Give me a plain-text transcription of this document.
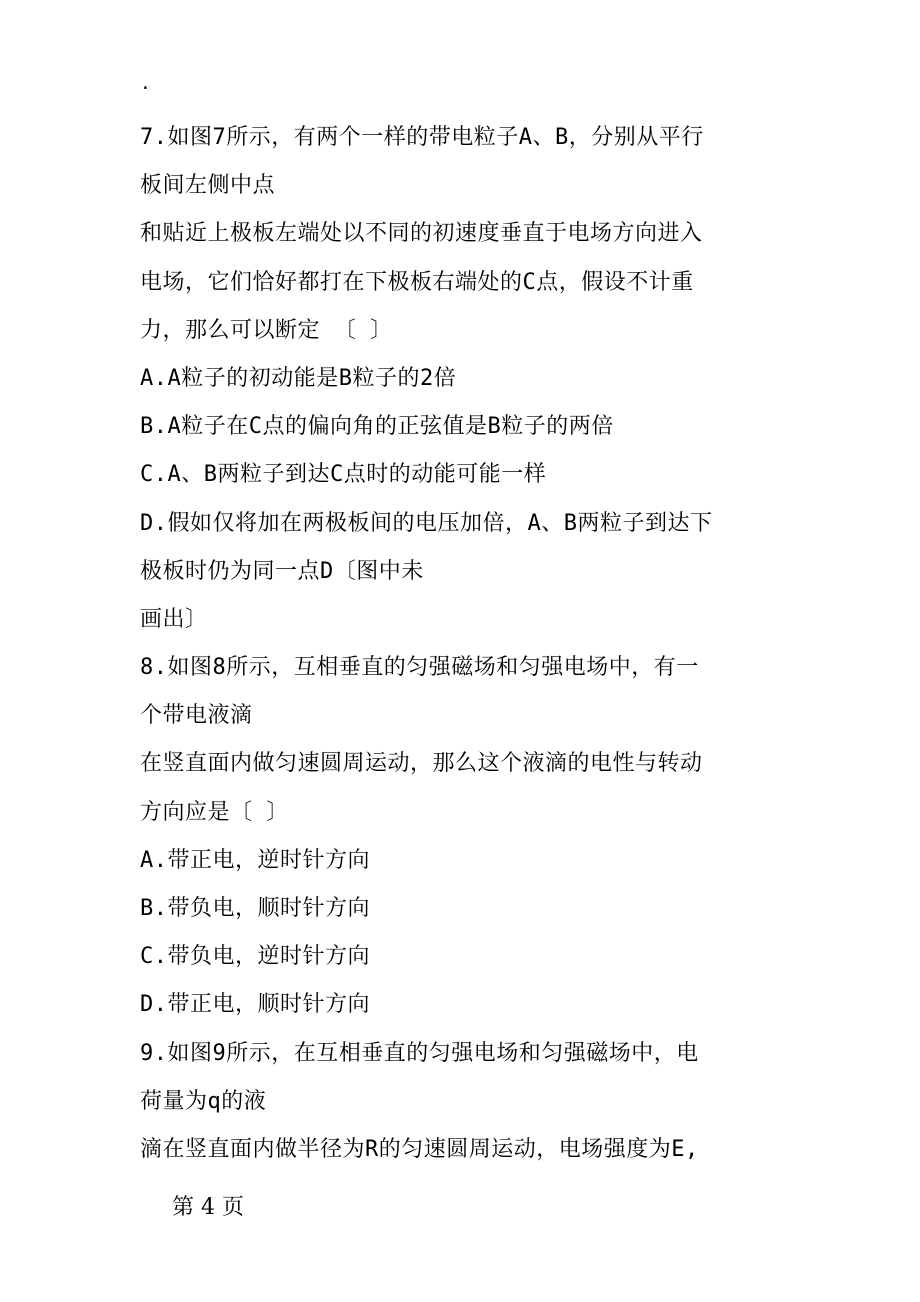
.
7.如图7所示，有两个一样的带电粒子A、B，分别从平行
板间左侧中点
和贴近上极板左端处以不同的初速度垂直于电场方向进入
电场，它们恰好都打在下极板右端处的C点，假设不计重
力，那么可以断定 〔 〕
A.A粒子的初动能是B粒子的2倍
B.A粒子在C点的偏向角的正弦值是B粒子的两倍
C.A、B两粒子到达C点时的动能可能一样
D.假如仅将加在两极板间的电压加倍，A、B两粒子到达下
极板时仍为同一点D〔图中未
画出〕
8.如图8所示，互相垂直的匀强磁场和匀强电场中，有一
个带电液滴
在竖直面内做匀速圆周运动，那么这个液滴的电性与转动
方向应是〔 〕
A.带正电，逆时针方向
B.带负电，顺时针方向
C.带负电，逆时针方向
D.带正电，顺时针方向
9.如图9所示，在互相垂直的匀强电场和匀强磁场中，电
荷量为q的液
滴在竖直面内做半径为R的匀速圆周运动，电场强度为E,
第 4 页
